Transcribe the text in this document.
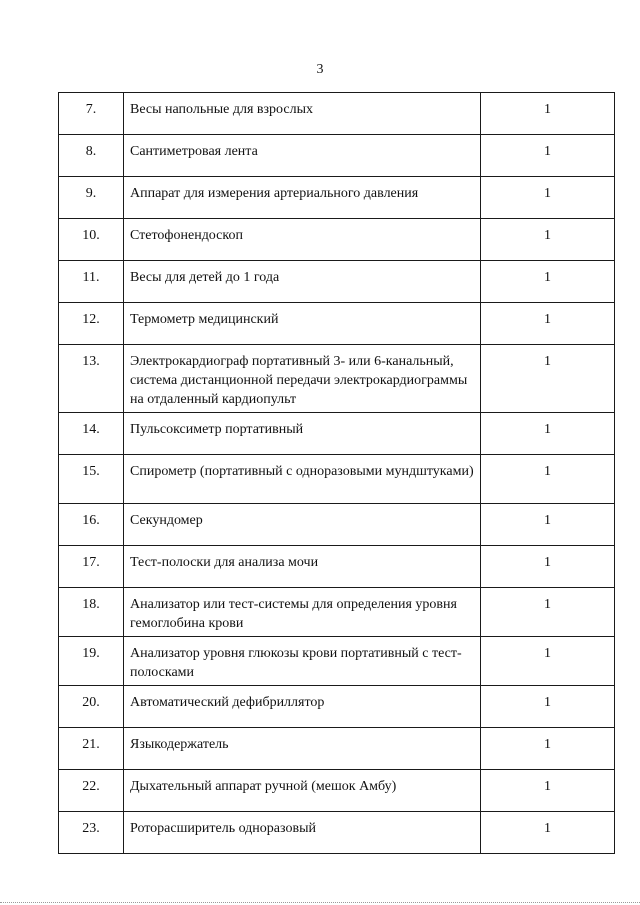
3
7.	Весы напольные для взрослых	1
8.	Сантиметровая лента	1
9.	Аппарат для измерения артериального давления	1
10.	Стетофонендоскоп	1
11.	Весы для детей до 1 года	1
12.	Термометр медицинский	1
13.	Электрокардиограф портативный 3- или 6-канальный, система дистанционной передачи электрокардиограммы на отдаленный кардиопульт	1
14.	Пульсоксиметр портативный	1
15.	Спирометр (портативный с одноразовыми мундштуками)	1
16.	Секундомер	1
17.	Тест-полоски для анализа мочи	1
18.	Анализатор или тест-системы для определения уровня гемоглобина крови	1
19.	Анализатор уровня глюкозы крови портативный с тест-полосками	1
20.	Автоматический дефибриллятор	1
21.	Языкодержатель	1
22.	Дыхательный аппарат ручной (мешок Амбу)	1
23.	Роторасширитель одноразовый	1
